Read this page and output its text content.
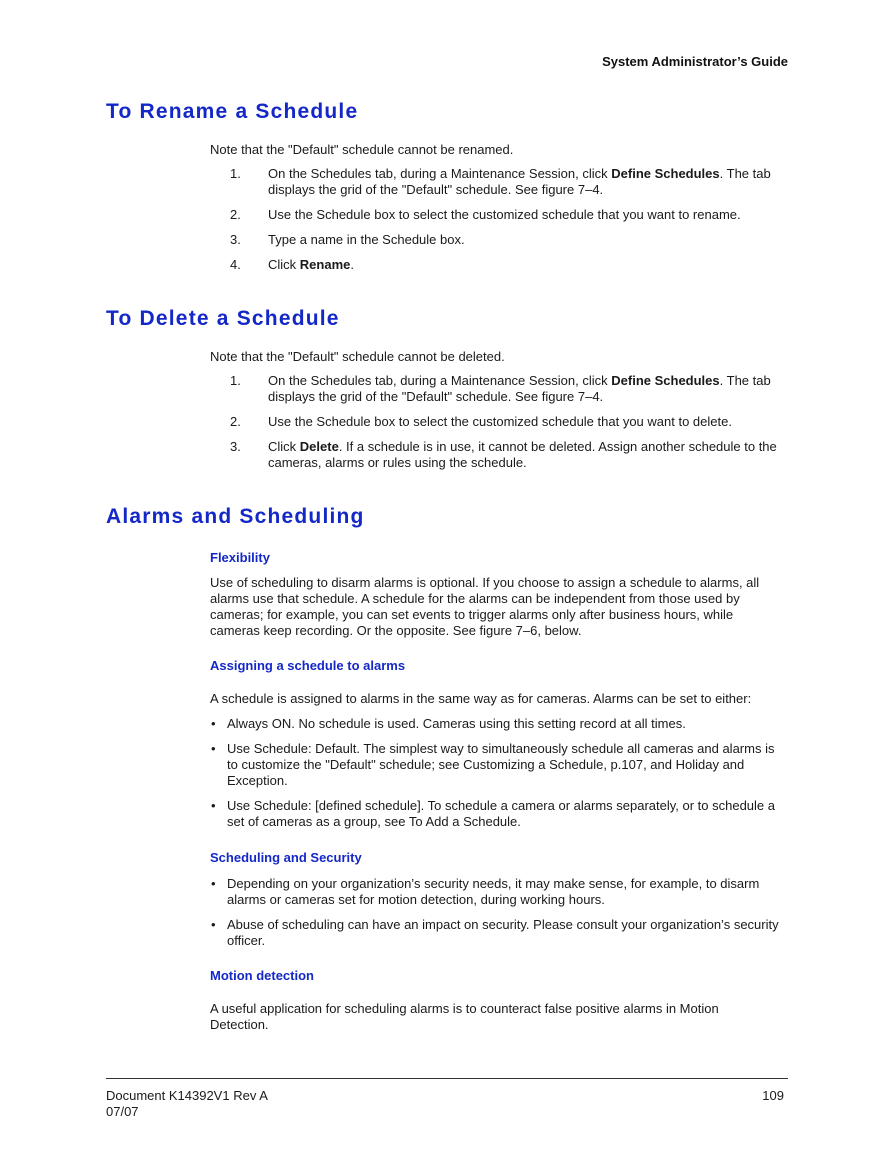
System Administrator’s Guide
To Rename a Schedule

Note that the "Default" schedule cannot be renamed.

1. On the Schedules tab, during a Maintenance Session, click Define Schedules. The tab displays the grid of the "Default" schedule. See figure 7–4.
2. Use the Schedule box to select the customized schedule that you want to rename.
3. Type a name in the Schedule box.
4. Click Rename.
To Delete a Schedule

Note that the "Default" schedule cannot be deleted.

1. On the Schedules tab, during a Maintenance Session, click Define Schedules. The tab displays the grid of the "Default" schedule. See figure 7–4.
2. Use the Schedule box to select the customized schedule that you want to delete.
3. Click Delete. If a schedule is in use, it cannot be deleted. Assign another schedule to the cameras, alarms or rules using the schedule.
Alarms and Scheduling
Flexibility

Use of scheduling to disarm alarms is optional. If you choose to assign a schedule to alarms, all alarms use that schedule. A schedule for the alarms can be independent from those used by cameras; for example, you can set events to trigger alarms only after business hours, while cameras keep recording. Or the opposite. See figure 7–6, below.

Assigning a schedule to alarms

A schedule is assigned to alarms in the same way as for cameras. Alarms can be set to either:

• Always ON. No schedule is used. Cameras using this setting record at all times.
• Use Schedule: Default. The simplest way to simultaneously schedule all cameras and alarms is to customize the "Default" schedule; see Customizing a Schedule, p.107, and Holiday and Exception.
• Use Schedule: [defined schedule]. To schedule a camera or alarms separately, or to schedule a set of cameras as a group, see To Add a Schedule.
Scheduling and Security
• Depending on your organization’s security needs, it may make sense, for example, to disarm alarms or cameras set for motion detection, during working hours.
• Abuse of scheduling can have an impact on security. Please consult your organization’s security officer.
Motion detection

A useful application for scheduling alarms is to counteract false positive alarms in Motion Detection.

Document K14392V1 Rev A
07/07
109
